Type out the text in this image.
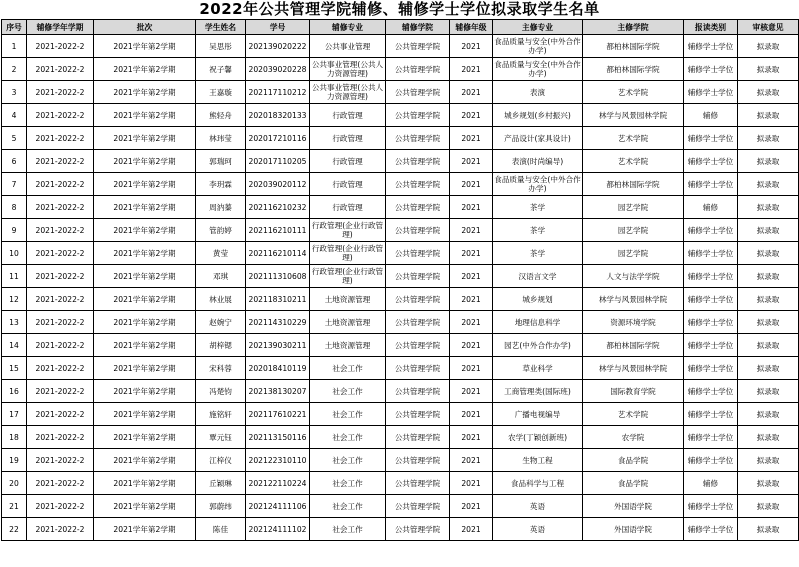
2022年公共管理学院辅修、辅修学士学位拟录取学生名单
序号	辅修学年学期	批次	学生姓名	学号	辅修专业	辅修学院	辅修年级	主修专业	主修学院	报读类别	审核意见
1	2021-2022-2	2021学年第2学期	吴思彤	2021390202​22	公共事业管理	公共管理学院	2021	食品质量与安全(中外合作办学)	都柏林国际学院	辅修学士学位	拟录取
2	2021-2022-2	2021学年第2学期	祝子馨	202039020228	公共事业管理(公共人力资源管理)	公共管理学院	2021	食品质量与安全(中外合作办学)	都柏林国际学院	辅修学士学位	拟录取
3	2021-2022-2	2021学年第2学期	王嘉璇	202117110212	公共事业管理(公共人力资源管理)	公共管理学院	2021	表演	艺术学院	辅修学士学位	拟录取
4	2021-2022-2	2021学年第2学期	熊轻舟	202018320133	行政管理	公共管理学院	2021	城乡规划(乡村振兴)	林学与风景园林学院	辅修	拟录取
5	2021-2022-2	2021学年第2学期	林玮莹	202017210116	行政管理	公共管理学院	2021	产品设计(家具设计)	艺术学院	辅修学士学位	拟录取
6	2021-2022-2	2021学年第2学期	郭瑞珂	202017110205	行政管理	公共管理学院	2021	表演(时尚编导)	艺术学院	辅修学士学位	拟录取
7	2021-2022-2	2021学年第2学期	李玥霖	202039020112	行政管理	公共管理学院	2021	食品质量与安全(中外合作办学)	都柏林国际学院	辅修学士学位	拟录取
8	2021-2022-2	2021学年第2学期	周汭蓁	202116210232	行政管理	公共管理学院	2021	茶学	园艺学院	辅修	拟录取
9	2021-2022-2	2021学年第2学期	管韵婷	202116210111	行政管理(企业行政管理)	公共管理学院	2021	茶学	园艺学院	辅修学士学位	拟录取
10	2021-2022-2	2021学年第2学期	黄莹	202116210114	行政管理(企业行政管理)	公共管理学院	2021	茶学	园艺学院	辅修学士学位	拟录取
11	2021-2022-2	2021学年第2学期	邓琪	202111310608	行政管理(企业行政管理)	公共管理学院	2021	汉语言文学	人文与法学学院	辅修学士学位	拟录取
12	2021-2022-2	2021学年第2学期	林业展	202118310211	土地资源管理	公共管理学院	2021	城乡规划	林学与风景园林学院	辅修学士学位	拟录取
13	2021-2022-2	2021学年第2学期	赵婉宁	202114310229	土地资源管理	公共管理学院	2021	地理信息科学	资源环境学院	辅修学士学位	拟录取
14	2021-2022-2	2021学年第2学期	胡梓锶	202139030211	土地资源管理	公共管理学院	2021	园艺(中外合作办学)	都柏林国际学院	辅修学士学位	拟录取
15	2021-2022-2	2021学年第2学期	宋科蓉	202018410119	社会工作	公共管理学院	2021	草业科学	林学与风景园林学院	辅修学士学位	拟录取
16	2021-2022-2	2021学年第2学期	冯楚钧	202138130207	社会工作	公共管理学院	2021	工商管理类(国际班)	国际教育学院	辅修学士学位	拟录取
17	2021-2022-2	2021学年第2学期	施铭轩	202117610221	社会工作	公共管理学院	2021	广播电视编导	艺术学院	辅修学士学位	拟录取
18	2021-2022-2	2021学年第2学期	覃元钰	202113150116	社会工作	公共管理学院	2021	农学(丁颖创新班)	农学院	辅修学士学位	拟录取
19	2021-2022-2	2021学年第2学期	江梓仪	202122310110	社会工作	公共管理学院	2021	生物工程	食品学院	辅修学士学位	拟录取
20	2021-2022-2	2021学年第2学期	丘颖琳	202122110224	社会工作	公共管理学院	2021	食品科学与工程	食品学院	辅修	拟录取
21	2021-2022-2	2021学年第2学期	郭蔚纬	202124111106	社会工作	公共管理学院	2021	英语	外国语学院	辅修学士学位	拟录取
22	2021-2022-2	2021学年第2学期	陈佳	202124111102	社会工作	公共管理学院	2021	英语	外国语学院	辅修学士学位	拟录取
